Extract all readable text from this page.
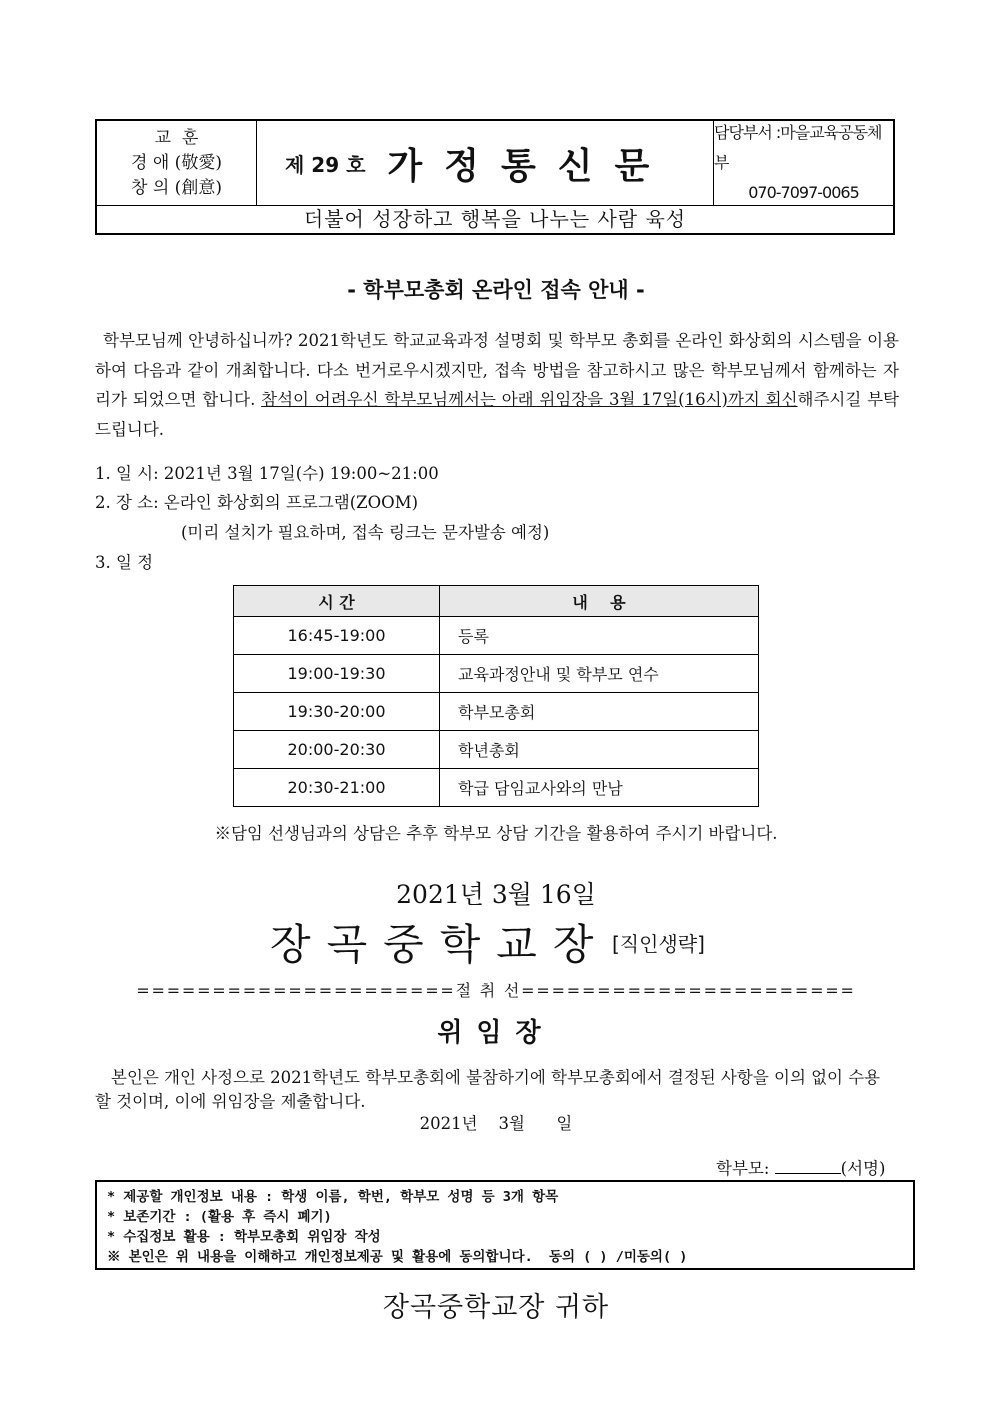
교  훈
경 애 (敬愛)
창 의 (創意)
제 29 호 가정통신문
담당부서 :마을교육공동체부
070-7097-0065
더불어 성장하고 행복을 나누는 사람 육성
- 학부모총회 온라인 접속 안내 -
학부모님께 안녕하십니까? 2021학년도 학교교육과정 설명회 및 학부모 총회를 온라인 화상회의 시스템을 이용하여 다음과 같이 개최합니다. 다소 번거로우시겠지만, 접속 방법을 참고하시고 많은 학부모님께서 함께하는 자리가 되었으면 합니다. 참석이 어려우신 학부모님께서는 아래 위임장을 3월 17일(16시)까지 회신해주시길 부탁드립니다.
1. 일 시: 2021년 3월 17일(수) 19:00~21:00
2. 장 소: 온라인 화상회의 프로그램(ZOOM)
(미리 설치가 필요하며, 접속 링크는 문자발송 예정)
3. 일 정
시 간	내    용
16:45-19:00	등록
19:00-19:30	교육과정안내 및 학부모 연수
19:30-20:00	학부모총회
20:00-20:30	학년총회
20:30-21:00	학급 담임교사와의 만남
※담임 선생님과의 상담은 추후 학부모 상담 기간을 활용하여 주시기 바랍니다.
2021년 3월 16일
장곡중학교장 [직인생략]
=====================절 취 선======================
위임장
본인은 개인 사정으로 2021학년도 학부모총회에 불참하기에 학부모총회에서 결정된 사항을 이의 없이 수용할 것이며, 이에 위임장을 제출합니다.
2021년    3월      일
학부모:	(서명)
* 제공할 개인정보 내용 : 학생 이름, 학번, 학부모 성명 등 3개 항목
* 보존기간 : (활용 후 즉시 폐기)
* 수집정보 활용 : 학부모총회 위임장 작성
※ 본인은 위 내용을 이해하고 개인정보제공 및 활용에 동의합니다.  동의 ( ) /미동의( )
장곡중학교장 귀하
